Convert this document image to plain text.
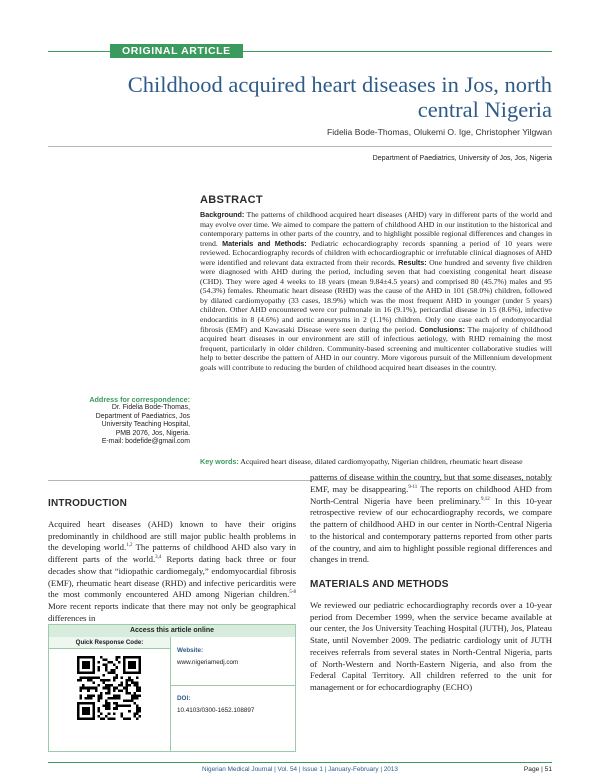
ORIGINAL ARTICLE
Childhood acquired heart diseases in Jos, north central Nigeria
Fidelia Bode-Thomas, Olukemi O. Ige, Christopher Yilgwan
Department of Paediatrics, University of Jos, Jos, Nigeria
ABSTRACT
Background: The patterns of childhood acquired heart diseases (AHD) vary in different parts of the world and may evolve over time. We aimed to compare the pattern of childhood AHD in our institution to the historical and contemporary patterns in other parts of the country, and to highlight possible regional differences and changes in trend. Materials and Methods: Pediatric echocardiography records spanning a period of 10 years were reviewed. Echocardiography records of children with echocardiographic or irrefutable clinical diagnoses of AHD were identified and relevant data extracted from their records. Results: One hundred and seventy five children were diagnosed with AHD during the period, including seven that had coexisting congenital heart disease (CHD). They were aged 4 weeks to 18 years (mean 9.84±4.5 years) and comprised 80 (45.7%) males and 95 (54.3%) females. Rheumatic heart disease (RHD) was the cause of the AHD in 101 (58.0%) children, followed by dilated cardiomyopathy (33 cases, 18.9%) which was the most frequent AHD in younger (under 5 years) children. Other AHD encountered were cor pulmonale in 16 (9.1%), pericardial disease in 15 (8.6%), infective endocarditis in 8 (4.6%) and aortic aneurysms in 2 (1.1%) children. Only one case each of endomyocardial fibrosis (EMF) and Kawasaki Disease were seen during the period. Conclusions: The majority of childhood acquired heart diseases in our environment are still of infectious aetiology, with RHD remaining the most frequent, particularly in older children. Community-based screening and multicenter collaborative studies will help to better describe the pattern of AHD in our country. More vigorous pursuit of the Millennium development goals will contribute to reducing the burden of childhood acquired heart diseases in the country.
Key words: Acquired heart disease, dilated cardiomyopathy, Nigerian children, rheumatic heart disease
Address for correspondence:
Dr. Fidelia Bode-Thomas,
Department of Paediatrics, Jos
University Teaching Hospital,
PMB 2076, Jos, Nigeria.
E-mail: bodefide@gmail.com
INTRODUCTION
Acquired heart diseases (AHD) known to have their origins predominantly in childhood are still major public health problems in the developing world.$^{1,2}$ The patterns of childhood AHD also vary in different parts of the world.$^{3,4}$ Reports dating back three or four decades show that “idiopathic cardiomegaly,” endomyocardial fibrosis (EMF), rheumatic heart disease (RHD) and infective pericarditis were the most commonly encountered AHD among Nigerian children.$^{5-8}$ More recent reports indicate that there may not only be geographical differences in
Access this article online
Quick Response Code:
Website:
www.nigeriamedj.com
DOI:
10.4103/0300-1652.108897
patterns of disease within the country, but that some diseases, notably EMF, may be disappearing.$^{9-11}$ The reports on childhood AHD from North-Central Nigeria have been preliminary.$^{9,12}$ In this 10-year retrospective review of our echocardiography records, we compare the pattern of childhood AHD in our center in North-Central Nigeria to the historical and contemporary patterns reported from other parts of the country, and aim to highlight possible regional differences and changes in trend.
MATERIALS AND METHODS
We reviewed our pediatric echocardiography records over a 10-year period from December 1999, when the service became available at our center, the Jos University Teaching Hospital (JUTH), Jos, Plateau State, until November 2009. The pediatric cardiology unit of JUTH receives referrals from several states in North-Central Nigeria, parts of North-Western and North-Eastern Nigeria, and also from the Federal Capital Territory. All children referred to the unit for management or for echocardiography (ECHO)
Nigerian Medical Journal | Vol. 54 | Issue 1 | January-February | 2013	Page | 51
